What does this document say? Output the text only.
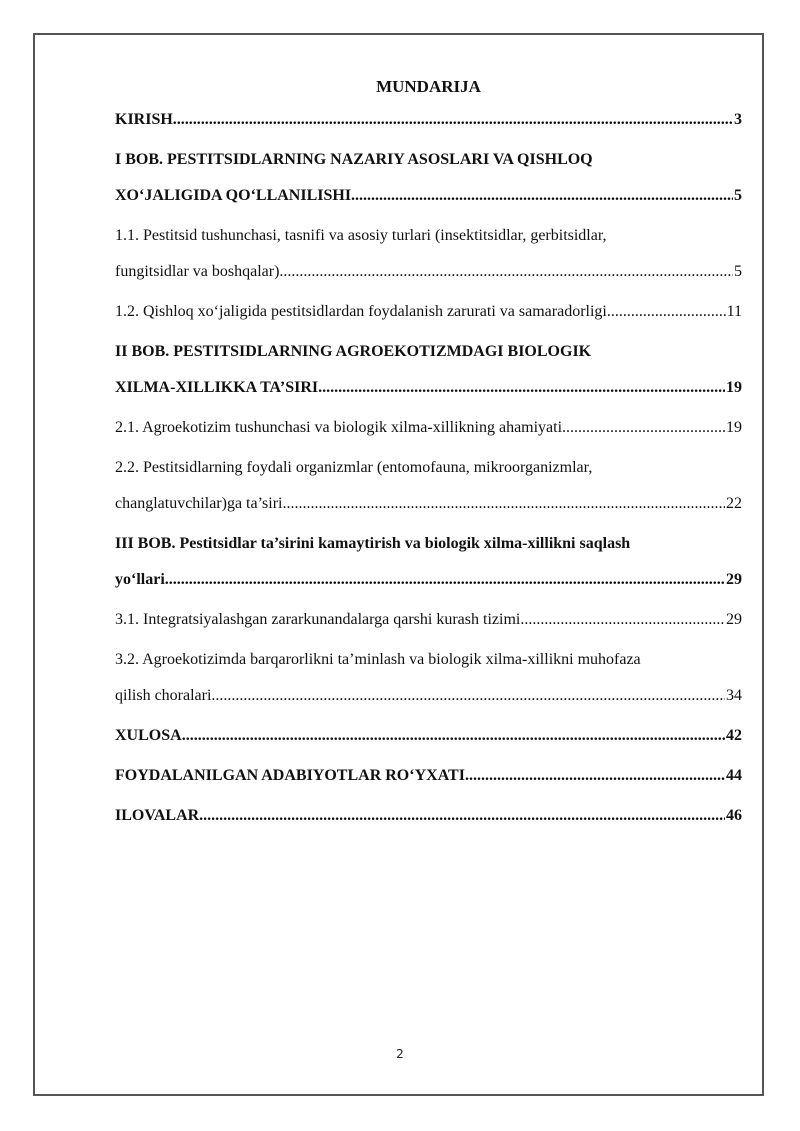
MUNDARIJA
KIRISH .....	3
I BOB. PESTITSIDLARNING NAZARIY ASOSLARI VA QISHLOQ
XO‘JALIGIDA QO‘LLANILISHI .....	5
1.1. Pestitsid tushunchasi, tasnifi va asosiy turlari (insektitsidlar, gerbitsidlar,
fungitsidlar va boshqalar) .....	5
1.2. Qishloq xo‘jaligida pestitsidlardan foydalanish zarurati va samaradorligi .....	11
II BOB. PESTITSIDLARNING AGROEKOTIZMDAGI BIOLOGIK
XILMA-XILLIKKA TA’SIRI .....	19
2.1. Agroekotizim tushunchasi va biologik xilma-xillikning ahamiyati .....	19
2.2. Pestitsidlarning foydali organizmlar (entomofauna, mikroorganizmlar,
changlatuvchilar)ga ta’siri .....	22
III BOB. Pestitsidlar ta’sirini kamaytirish va biologik xilma-xillikni saqlash
yo‘llari .....	29
3.1. Integratsiyalashgan zararkunandalarga qarshi kurash tizimi .....	29
3.2. Agroekotizimda barqarorlikni ta’minlash va biologik xilma-xillikni muhofaza
qilish choralari .....	34
XULOSA .....	42
FOYDALANILGAN ADABIYOTLAR RO‘YXATI .....	44
ILOVALAR .....	46
2
